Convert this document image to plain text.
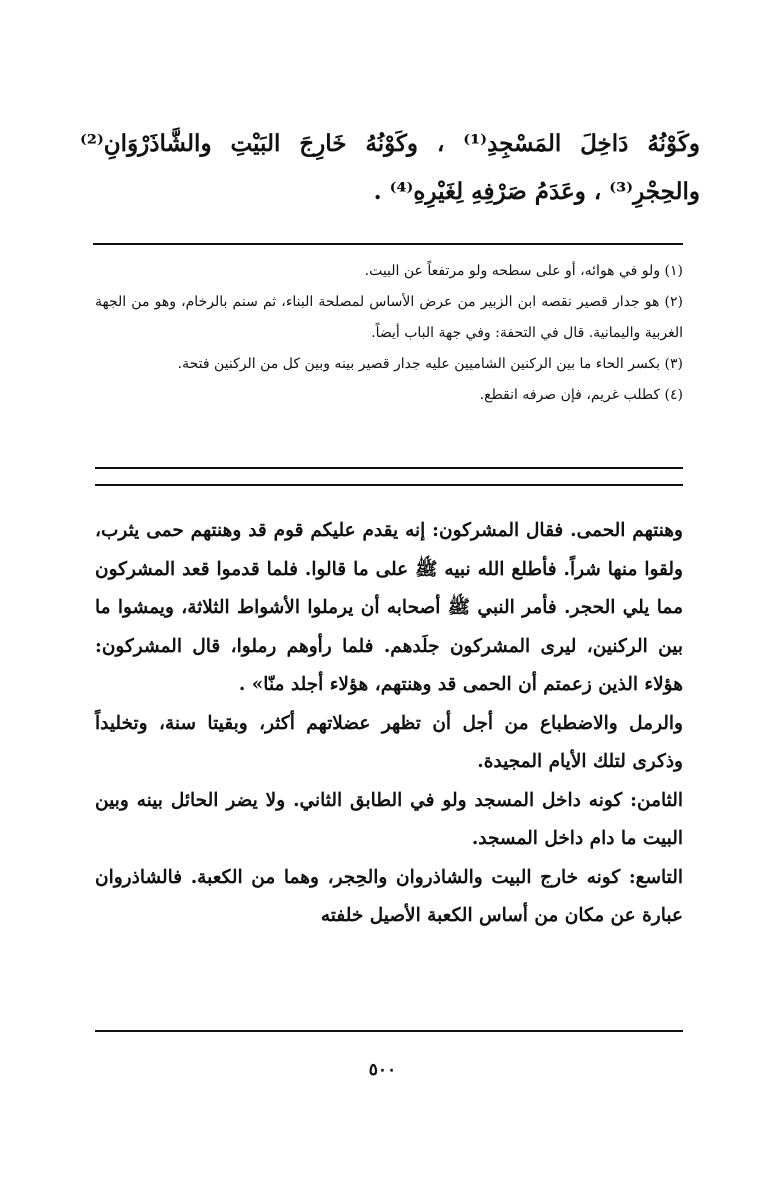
وكَوْنُهُ دَاخِلَ المَسْجِدِ⁽¹⁾ ، وكَوْنُهُ خَارِجَ البَيْتِ والشَّاذَرْوَانِ⁽²⁾ والحِجْرِ⁽³⁾ ، وعَدَمُ صَرْفِهِ لِغَيْرِهِ⁽⁴⁾ .

(١) ولو في هوائه، أو على سطحه ولو مرتفعاً عن البيت.

(٢) هو جدار قصير نقصه ابن الزبير من عرض الأساس لمصلحة البناء، ثم سنم بالرخام، وهو من الجهة الغربية واليمانية. قال في التحفة: وفي جهة الباب أيضاً.

(٣) بكسر الحاء ما بين الركنين الشاميين عليه جدار قصير بينه وبين كل من الركنين فتحة.

(٤) كطلب غريم، فإن صرفه انقطع.

وهنتهم الحمى. فقال المشركون: إنه يقدم عليكم قوم قد وهنتهم حمى يثرب، ولقوا منها شراً. فأطلع الله نبيه ﷺ على ما قالوا. فلما قدموا قعد المشركون مما يلي الحجر. فأمر النبي ﷺ أصحابه أن يرملوا الأشواط الثلاثة، ويمشوا ما بين الركنين، ليرى المشركون جلَدهم. فلما رأوهم رملوا، قال المشركون: هؤلاء الذين زعمتم أن الحمى قد وهنتهم، هؤلاء أجلد منّا» .

والرمل والاضطباع من أجل أن تظهر عضلاتهم أكثر، وبقيتا سنة، وتخليداً وذكرى لتلك الأيام المجيدة.

الثامن: كونه داخل المسجد ولو في الطابق الثاني. ولا يضر الحائل بينه وبين البيت ما دام داخل المسجد.

التاسع: كونه خارج البيت والشاذروان والحِجر، وهما من الكعبة. فالشاذروان عبارة عن مكان من أساس الكعبة الأصيل خلفته

٥٠٠
